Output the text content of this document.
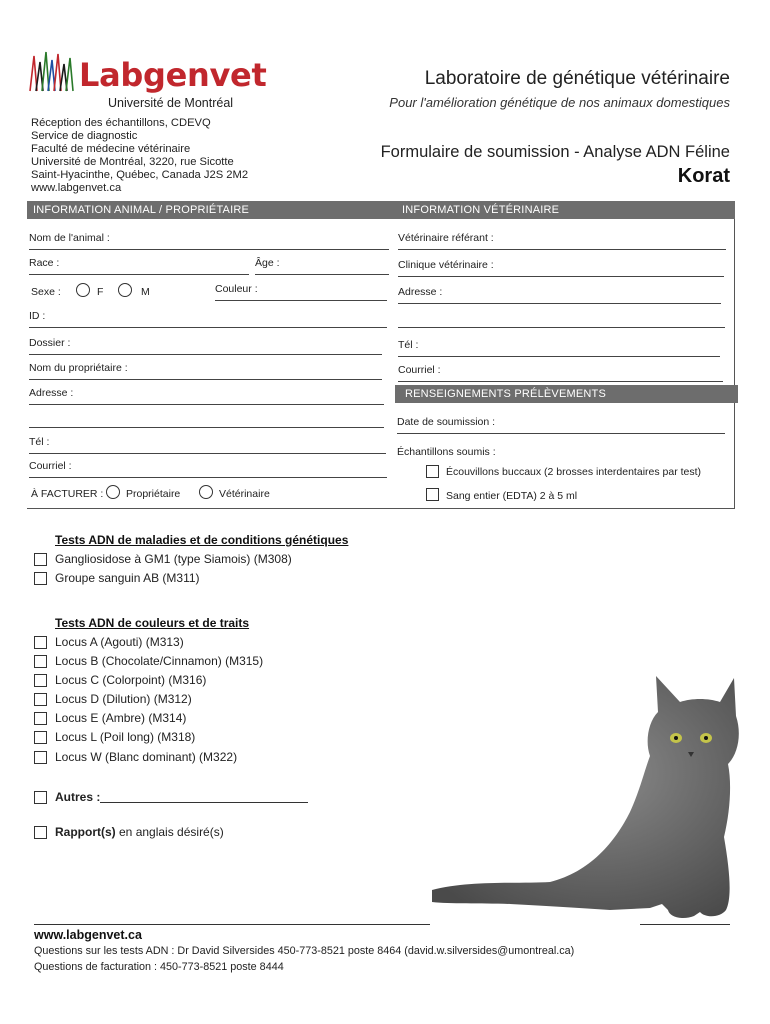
Labgenvet
Université de Montréal
Laboratoire de génétique vétérinaire
Pour l'amélioration génétique de nos animaux domestiques
Réception des échantillons, CDEVQ
Service de diagnostic
Faculté de médecine vétérinaire
Université de Montréal, 3220, rue Sicotte
Saint-Hyacinthe, Québec, Canada J2S 2M2
www.labgenvet.ca
Formulaire de soumission - Analyse ADN Féline
Korat
INFORMATION ANIMAL / PROPRIÉTAIRE	INFORMATION VÉTÉRINAIRE
Nom de l'animal :
Race :	Âge :
Sexe :	F	M	Couleur :
ID :
Dossier :
Nom du propriétaire :
Adresse :
Tél :
Courriel :
À FACTURER : Propriétaire	Vétérinaire
Vétérinaire référant :
Clinique vétérinaire :
Adresse :
Tél :
Courriel :
RENSEIGNEMENTS PRÉLÈVEMENTS
Date de soumission :
Échantillons soumis :
Écouvillons buccaux (2 brosses interdentaires par test)
Sang entier (EDTA) 2 à 5 ml
Tests ADN de maladies et de conditions génétiques
Gangliosidose à GM1 (type Siamois) (M308)
Groupe sanguin AB (M311)
Tests ADN de couleurs et de traits
Locus A (Agouti) (M313)
Locus B (Chocolate/Cinnamon) (M315)
Locus C (Colorpoint) (M316)
Locus D (Dilution) (M312)
Locus E (Ambre) (M314)
Locus L (Poil long) (M318)
Locus W (Blanc dominant) (M322)
Autres :
Rapport(s) en anglais désiré(s)
www.labgenvet.ca
Questions sur les tests ADN : Dr David Silversides 450-773-8521 poste 8464 (david.w.silversides@umontreal.ca)
Questions de facturation : 450-773-8521 poste 8444
